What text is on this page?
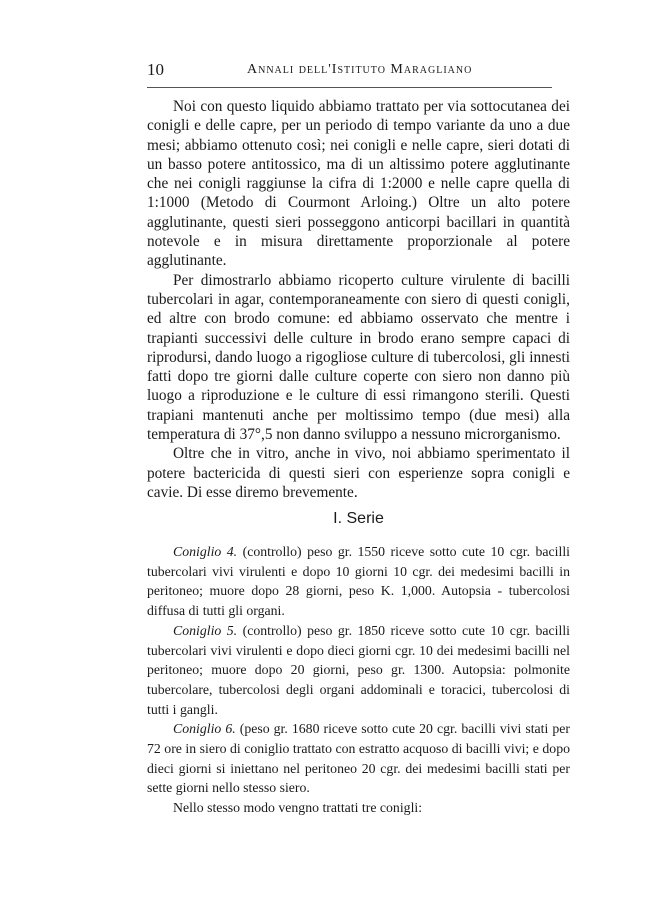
10	Annali dell'Istituto Maragliano

Noi con questo liquido abbiamo trattato per via sottocutanea dei conigli e delle capre, per un periodo di tempo variante da uno a due mesi; abbiamo ottenuto così; nei conigli e nelle capre, sieri dotati di un basso potere antitossico, ma di un altissimo potere agglutinante che nei conigli raggiunse la cifra di 1:2000 e nelle capre quella di 1:1000 (Metodo di Courmont Arloing.) Oltre un alto potere agglutinante, questi sieri posseggono anticorpi bacillari in quantità notevole e in misura direttamente proporzionale al potere agglutinante.

Per dimostrarlo abbiamo ricoperto culture virulente di bacilli tubercolari in agar, contemporaneamente con siero di questi conigli, ed altre con brodo comune: ed abbiamo osservato che mentre i trapianti successivi delle culture in brodo erano sempre capaci di riprodursi, dando luogo a rigogliose culture di tubercolosi, gli innesti fatti dopo tre giorni dalle culture coperte con siero non danno più luogo a riproduzione e le culture di essi rimangono sterili. Questi trapiani mantenuti anche per moltissimo tempo (due mesi) alla temperatura di 37°,5 non danno sviluppo a nessuno microrganismo.

Oltre che in vitro, anche in vivo, noi abbiamo sperimentato il potere bactericida di questi sieri con esperienze sopra conigli e cavie. Di esse diremo brevemente.

I. Serie

Coniglio 4. (controllo) peso gr. 1550 riceve sotto cute 10 cgr. bacilli tubercolari vivi virulenti e dopo 10 giorni 10 cgr. dei medesimi bacilli in peritoneo; muore dopo 28 giorni, peso K. 1,000. Autopsia - tubercolosi diffusa di tutti gli organi.

Coniglio 5. (controllo) peso gr. 1850 riceve sotto cute 10 cgr. bacilli tubercolari vivi virulenti e dopo dieci giorni cgr. 10 dei medesimi bacilli nel peritoneo; muore dopo 20 giorni, peso gr. 1300. Autopsia: polmonite tubercolare, tubercolosi degli organi addominali e toracici, tubercolosi di tutti i gangli.

Coniglio 6. (peso gr. 1680 riceve sotto cute 20 cgr. bacilli vivi stati per 72 ore in siero di coniglio trattato con estratto acquoso di bacilli vivi; e dopo dieci giorni si iniettano nel peritoneo 20 cgr. dei medesimi bacilli stati per sette giorni nello stesso siero.

Nello stesso modo vengno trattati tre conigli:
